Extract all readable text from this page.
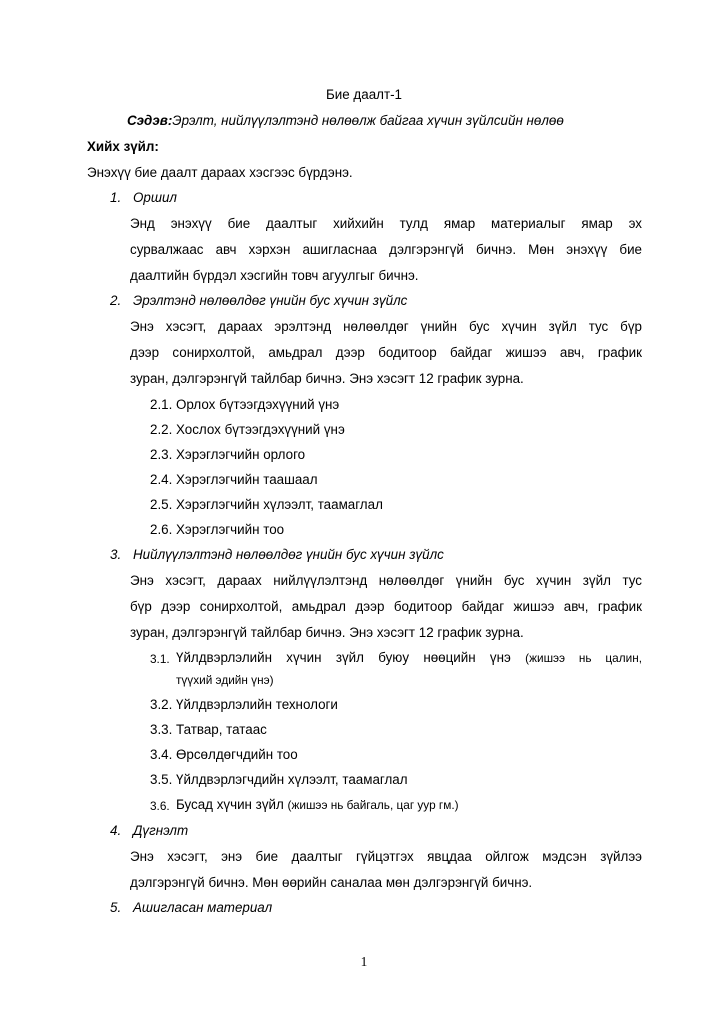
Бие даалт-1

Сэдэв:Эрэлт, нийлүүлэлтэнд нөлөөлж байгаа хүчин зүйлсийн нөлөө

Хийх зүйл:

Энэхүү бие даалт дараах хэсгээс бүрдэнэ.

1. Оршил

Энд энэхүү бие даалтыг хийхийн тулд ямар материалыг ямар эх

сурвалжаас авч хэрхэн ашигласнаа дэлгэрэнгүй бичнэ. Мөн энэхүү бие

даалтийн бүрдэл хэсгийн товч агуулгыг бичнэ.

2. Эрэлтэнд нөлөөлдөг үнийн бус хүчин зүйлс

Энэ хэсэгт, дараах эрэлтэнд нөлөөлдөг үнийн бус хүчин зүйл тус бүр

дээр сонирхолтой, амьдрал дээр бодитоор байдаг жишээ авч, график

зуран, дэлгэрэнгүй тайлбар бичнэ. Энэ хэсэгт 12 график зурна.

2.1. Орлох бүтээгдэхүүний үнэ

2.2. Хослох бүтээгдэхүүний үнэ

2.3. Хэрэглэгчийн орлого

2.4. Хэрэглэгчийн таашаал

2.5. Хэрэглэгчийн хүлээлт, таамаглал

2.6. Хэрэглэгчийн тоо

3. Нийлүүлэлтэнд нөлөөлдөг үнийн бус хүчин зүйлс

Энэ хэсэгт, дараах нийлүүлэлтэнд нөлөөлдөг үнийн бус хүчин зүйл тус

бүр дээр сонирхолтой, амьдрал дээр бодитоор байдаг жишээ авч, график

зуран, дэлгэрэнгүй тайлбар бичнэ. Энэ хэсэгт 12 график зурна.

3.1. Үйлдвэрлэлийн хүчин зүйл буюу нөөцийн үнэ (жишээ нь цалин,

түүхий эдийн үнэ)

3.2. Үйлдвэрлэлийн технологи

3.3. Татвар, татаас

3.4. Өрсөлдөгчдийн тоо

3.5. Үйлдвэрлэгчдийн хүлээлт, таамаглал

3.6. Бусад хүчин зүйл (жишээ нь байгаль, цаг уур гм.)

4. Дүгнэлт

Энэ хэсэгт, энэ бие даалтыг гүйцэтгэх явцдаа ойлгож мэдсэн зүйлээ

дэлгэрэнгүй бичнэ. Мөн өөрийн саналаа мөн дэлгэрэнгүй бичнэ.

5. Ашигласан материал

1
